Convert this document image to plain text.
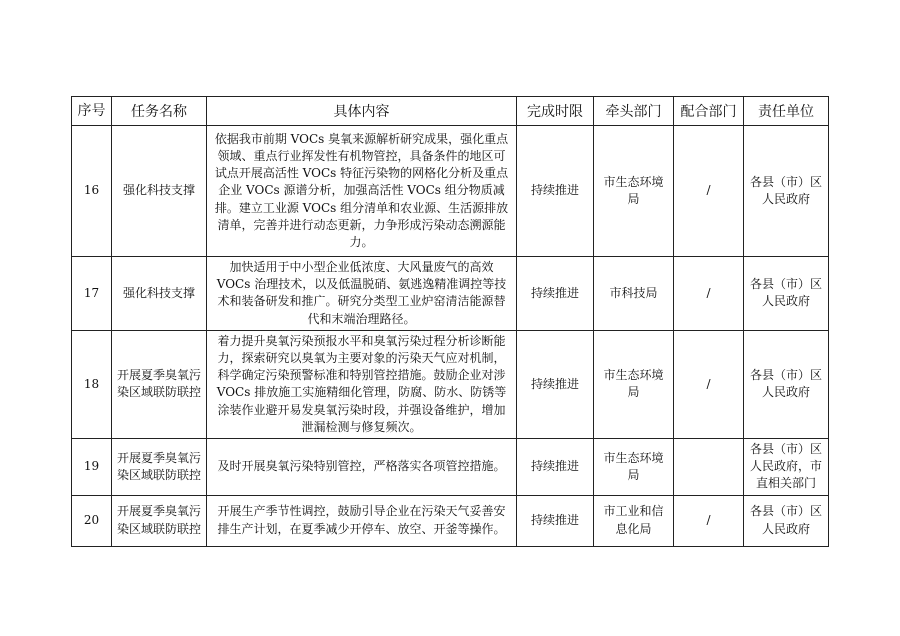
序号	任务名称	具体内容	完成时限	牵头部门	配合部门	责任单位
16	强化科技支撑	依据我市前期 VOCs 臭氧来源解析研究成果，强化重点领域、重点行业挥发性有机物管控，具备条件的地区可试点开展高活性 VOCs 特征污染物的网格化分析及重点企业 VOCs 源谱分析，加强高活性 VOCs 组分物质减排。建立工业源 VOCs 组分清单和农业源、生活源排放清单，完善并进行动态更新，力争形成污染动态溯源能力。	持续推进	市生态环境局	/	各县（市）区人民政府
17	强化科技支撑	加快适用于中小型企业低浓度、大风量废气的高效 VOCs 治理技术，以及低温脱硝、氨逃逸精准调控等技术和装备研发和推广。研究分类型工业炉窑清洁能源替代和末端治理路径。	持续推进	市科技局	/	各县（市）区人民政府
18	开展夏季臭氧污染区域联防联控	着力提升臭氧污染预报水平和臭氧污染过程分析诊断能力，探索研究以臭氧为主要对象的污染天气应对机制，科学确定污染预警标准和特别管控措施。鼓励企业对涉 VOCs 排放施工实施精细化管理，防腐、防水、防锈等涂装作业避开易发臭氧污染时段，并强设备维护，增加泄漏检测与修复频次。	持续推进	市生态环境局	/	各县（市）区人民政府
19	开展夏季臭氧污染区域联防联控	及时开展臭氧污染特别管控，严格落实各项管控措施。	持续推进	市生态环境局		各县（市）区人民政府，市直相关部门
20	开展夏季臭氧污染区域联防联控	开展生产季节性调控，鼓励引导企业在污染天气妥善安排生产计划，在夏季减少开停车、放空、开釜等操作。	持续推进	市工业和信息化局	/	各县（市）区人民政府
